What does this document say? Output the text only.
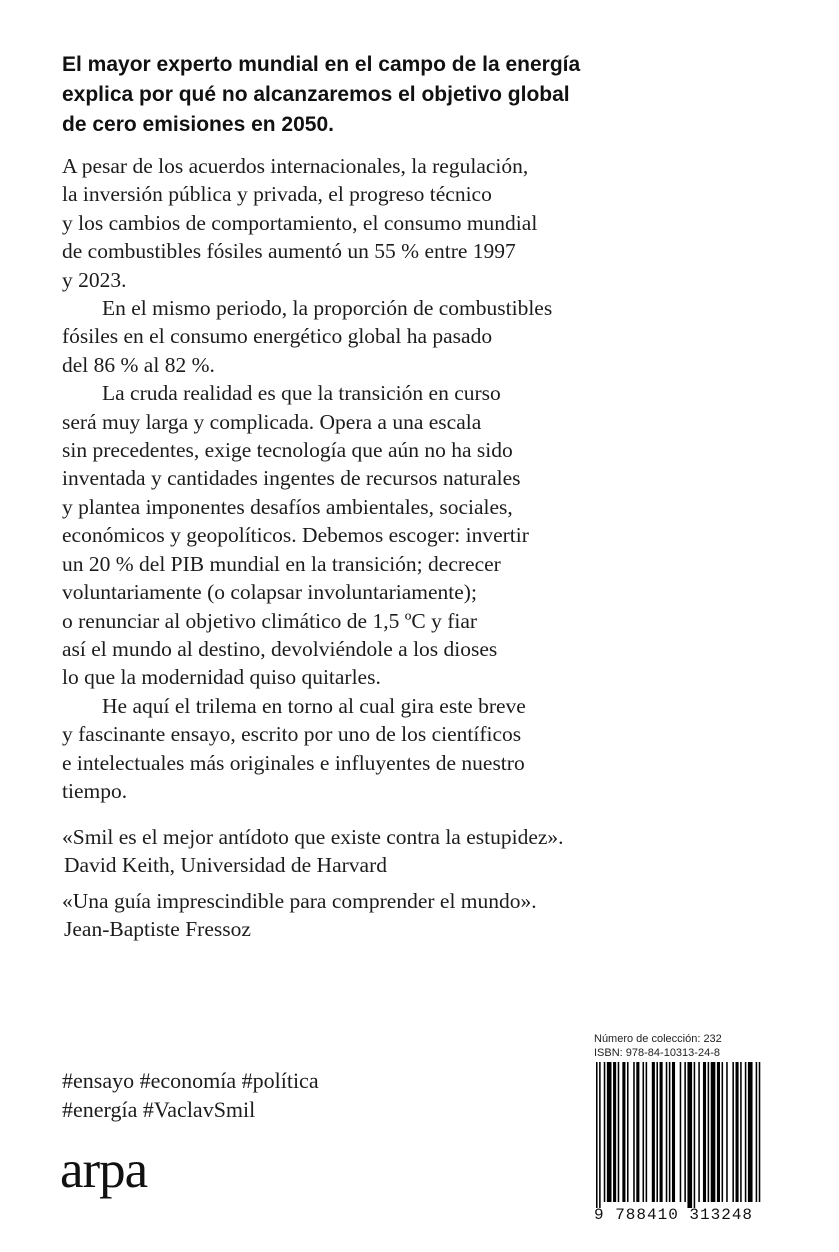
El mayor experto mundial en el campo de la energía
explica por qué no alcanzaremos el objetivo global
de cero emisiones en 2050.
A pesar de los acuerdos internacionales, la regulación,
la inversión pública y privada, el progreso técnico
y los cambios de comportamiento, el consumo mundial
de combustibles fósiles aumentó un 55 % entre 1997
y 2023.
En el mismo periodo, la proporción de combustibles
fósiles en el consumo energético global ha pasado
del 86 % al 82 %.
La cruda realidad es que la transición en curso
será muy larga y complicada. Opera a una escala
sin precedentes, exige tecnología que aún no ha sido
inventada y cantidades ingentes de recursos naturales
y plantea imponentes desafíos ambientales, sociales,
económicos y geopolíticos. Debemos escoger: invertir
un 20 % del PIB mundial en la transición; decrecer
voluntariamente (o colapsar involuntariamente);
o renunciar al objetivo climático de 1,5 ºC y fiar
así el mundo al destino, devolviéndole a los dioses
lo que la modernidad quiso quitarles.
He aquí el trilema en torno al cual gira este breve
y fascinante ensayo, escrito por uno de los científicos
e intelectuales más originales e influyentes de nuestro
tiempo.
«Smil es el mejor antídoto que existe contra la estupidez».
David Keith, Universidad de Harvard
«Una guía imprescindible para comprender el mundo».
Jean-Baptiste Fressoz
#ensayo #economía #política
#energía #VaclavSmil
arpa
Número de colección: 232
ISBN: 978-84-10313-24-8
9 788410 313248
